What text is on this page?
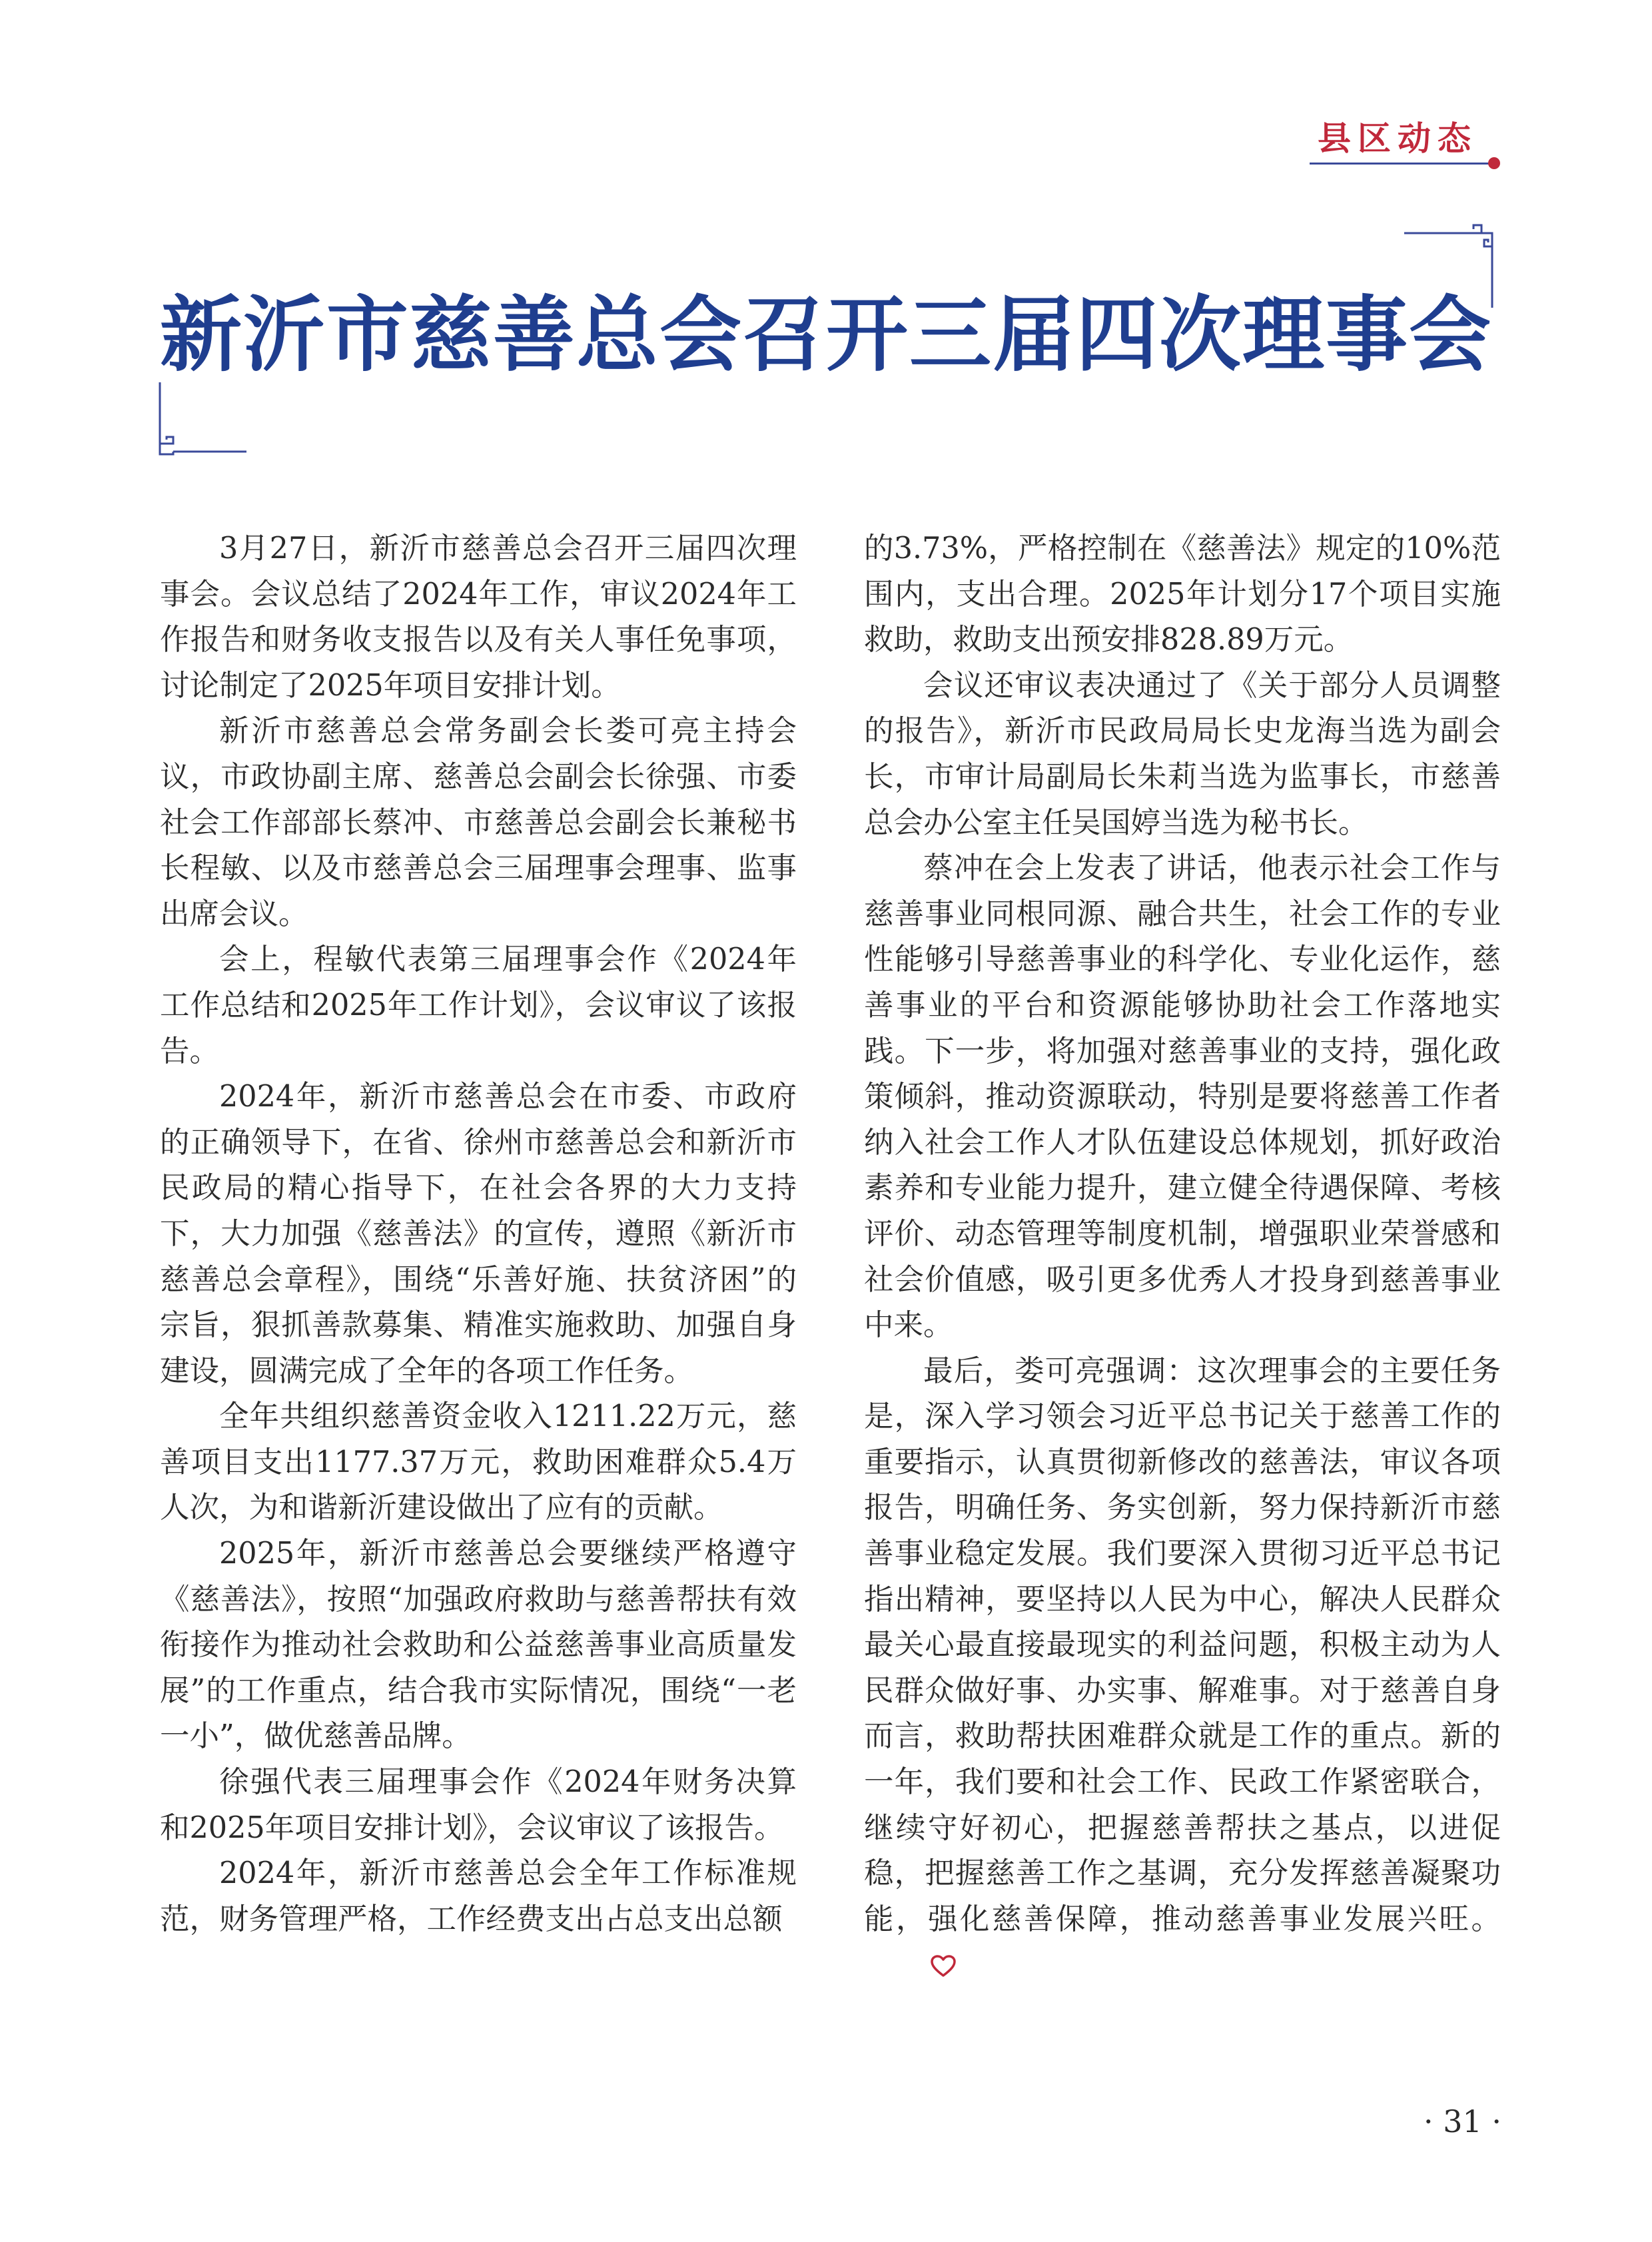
县区动态
新沂市慈善总会召开三届四次理事会

3月27日，新沂市慈善总会召开三届四次理事会。会议总结了2024年工作，审议2024年工作报告和财务收支报告以及有关人事任免事项，讨论制定了2025年项目安排计划。

新沂市慈善总会常务副会长娄可亮主持会议，市政协副主席、慈善总会副会长徐强、市委社会工作部部长蔡冲、市慈善总会副会长兼秘书长程敏、以及市慈善总会三届理事会理事、监事出席会议。

会上，程敏代表第三届理事会作《2024年工作总结和2025年工作计划》，会议审议了该报告。

2024年，新沂市慈善总会在市委、市政府的正确领导下，在省、徐州市慈善总会和新沂市民政局的精心指导下，在社会各界的大力支持下，大力加强《慈善法》的宣传，遵照《新沂市慈善总会章程》，围绕“乐善好施、扶贫济困”的宗旨，狠抓善款募集、精准实施救助、加强自身建设，圆满完成了全年的各项工作任务。

全年共组织慈善资金收入1211.22万元，慈善项目支出1177.37万元，救助困难群众5.4万人次，为和谐新沂建设做出了应有的贡献。

2025年，新沂市慈善总会要继续严格遵守《慈善法》，按照“加强政府救助与慈善帮扶有效衔接作为推动社会救助和公益慈善事业高质量发展”的工作重点，结合我市实际情况，围绕“一老一小”，做优慈善品牌。

徐强代表三届理事会作《2024年财务决算和2025年项目安排计划》，会议审议了该报告。

2024年，新沂市慈善总会全年工作标准规范，财务管理严格，工作经费支出占总支出总额

的3.73%，严格控制在《慈善法》规定的10%范围内，支出合理。2025年计划分17个项目实施救助，救助支出预安排828.89万元。

会议还审议表决通过了《关于部分人员调整的报告》，新沂市民政局局长史龙海当选为副会长，市审计局副局长朱莉当选为监事长，市慈善总会办公室主任吴国婷当选为秘书长。

蔡冲在会上发表了讲话，他表示社会工作与慈善事业同根同源、融合共生，社会工作的专业性能够引导慈善事业的科学化、专业化运作，慈善事业的平台和资源能够协助社会工作落地实践。下一步，将加强对慈善事业的支持，强化政策倾斜，推动资源联动，特别是要将慈善工作者纳入社会工作人才队伍建设总体规划，抓好政治素养和专业能力提升，建立健全待遇保障、考核评价、动态管理等制度机制，增强职业荣誉感和社会价值感，吸引更多优秀人才投身到慈善事业中来。

最后，娄可亮强调：这次理事会的主要任务是，深入学习领会习近平总书记关于慈善工作的重要指示，认真贯彻新修改的慈善法，审议各项报告，明确任务、务实创新，努力保持新沂市慈善事业稳定发展。我们要深入贯彻习近平总书记指出精神，要坚持以人民为中心，解决人民群众最关心最直接最现实的利益问题，积极主动为人民群众做好事、办实事、解难事。对于慈善自身而言，救助帮扶困难群众就是工作的重点。新的一年，我们要和社会工作、民政工作紧密联合，继续守好初心，把握慈善帮扶之基点，以进促稳，把握慈善工作之基调，充分发挥慈善凝聚功能，强化慈善保障，推动慈善事业发展兴旺。

· 31 ·
